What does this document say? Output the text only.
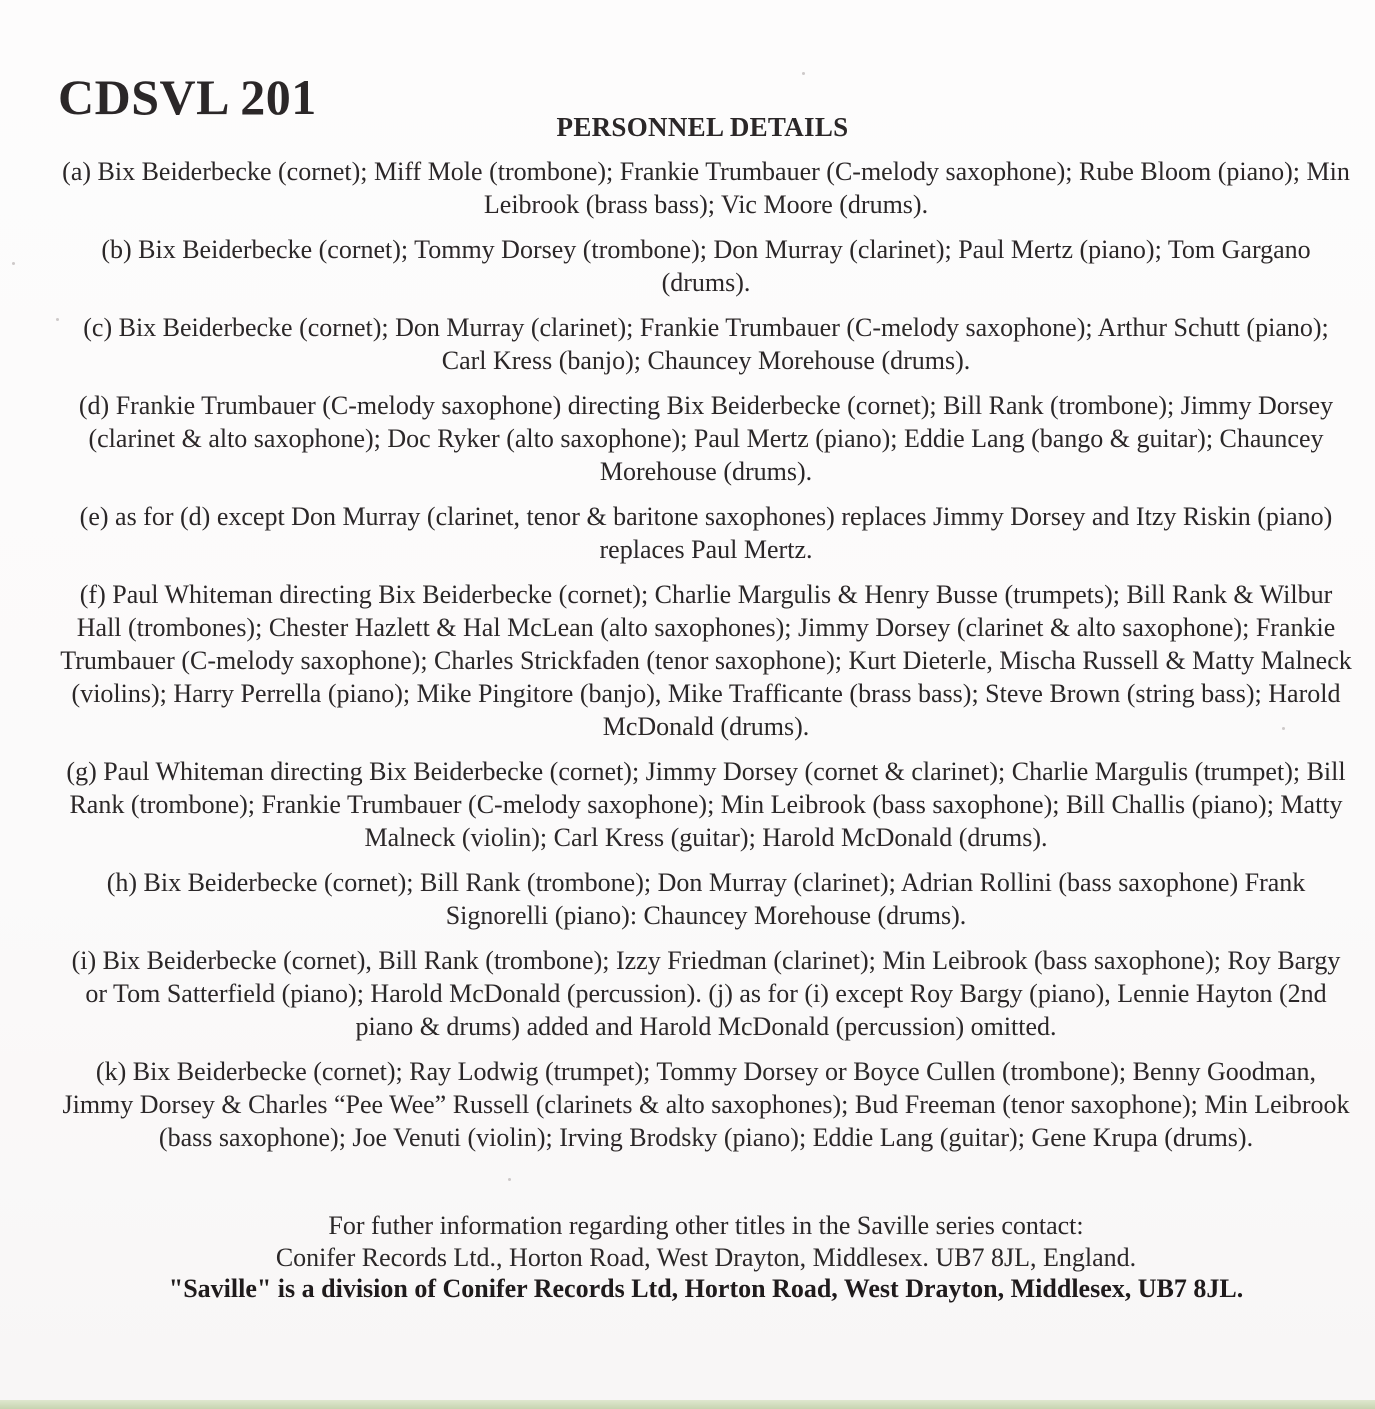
CDSVL 201
PERSONNEL DETAILS
(a) Bix Beiderbecke (cornet); Miff Mole (trombone); Frankie Trumbauer (C-melody saxophone); Rube Bloom (piano); Min Leibrook (brass bass); Vic Moore (drums).
(b) Bix Beiderbecke (cornet); Tommy Dorsey (trombone); Don Murray (clarinet); Paul Mertz (piano); Tom Gargano (drums).
(c) Bix Beiderbecke (cornet); Don Murray (clarinet); Frankie Trumbauer (C-melody saxophone); Arthur Schutt (piano); Carl Kress (banjo); Chauncey Morehouse (drums).
(d) Frankie Trumbauer (C-melody saxophone) directing Bix Beiderbecke (cornet); Bill Rank (trombone); Jimmy Dorsey (clarinet & alto saxophone); Doc Ryker (alto saxophone); Paul Mertz (piano); Eddie Lang (bango & guitar); Chauncey Morehouse (drums).
(e) as for (d) except Don Murray (clarinet, tenor & baritone saxophones) replaces Jimmy Dorsey and Itzy Riskin (piano) replaces Paul Mertz.
(f) Paul Whiteman directing Bix Beiderbecke (cornet); Charlie Margulis & Henry Busse (trumpets); Bill Rank & Wilbur Hall (trombones); Chester Hazlett & Hal McLean (alto saxophones); Jimmy Dorsey (clarinet & alto saxophone); Frankie Trumbauer (C-melody saxophone); Charles Strickfaden (tenor saxophone); Kurt Dieterle, Mischa Russell & Matty Malneck (violins); Harry Perrella (piano); Mike Pingitore (banjo), Mike Trafficante (brass bass); Steve Brown (string bass); Harold McDonald (drums).
(g) Paul Whiteman directing Bix Beiderbecke (cornet); Jimmy Dorsey (cornet & clarinet); Charlie Margulis (trumpet); Bill Rank (trombone); Frankie Trumbauer (C-melody saxophone); Min Leibrook (bass saxophone); Bill Challis (piano); Matty Malneck (violin); Carl Kress (guitar); Harold McDonald (drums).
(h) Bix Beiderbecke (cornet); Bill Rank (trombone); Don Murray (clarinet); Adrian Rollini (bass saxophone) Frank Signorelli (piano): Chauncey Morehouse (drums).
(i) Bix Beiderbecke (cornet), Bill Rank (trombone); Izzy Friedman (clarinet); Min Leibrook (bass saxophone); Roy Bargy or Tom Satterfield (piano); Harold McDonald (percussion). (j) as for (i) except Roy Bargy (piano), Lennie Hayton (2nd piano & drums) added and Harold McDonald (percussion) omitted.
(k) Bix Beiderbecke (cornet); Ray Lodwig (trumpet); Tommy Dorsey or Boyce Cullen (trombone); Benny Goodman, Jimmy Dorsey & Charles “Pee Wee” Russell (clarinets & alto saxophones); Bud Freeman (tenor saxophone); Min Leibrook (bass saxophone); Joe Venuti (violin); Irving Brodsky (piano); Eddie Lang (guitar); Gene Krupa (drums).

For futher information regarding other titles in the Saville series contact:

Conifer Records Ltd., Horton Road, West Drayton, Middlesex. UB7 8JL, England.

"Saville" is a division of Conifer Records Ltd, Horton Road, West Drayton, Middlesex, UB7 8JL.
